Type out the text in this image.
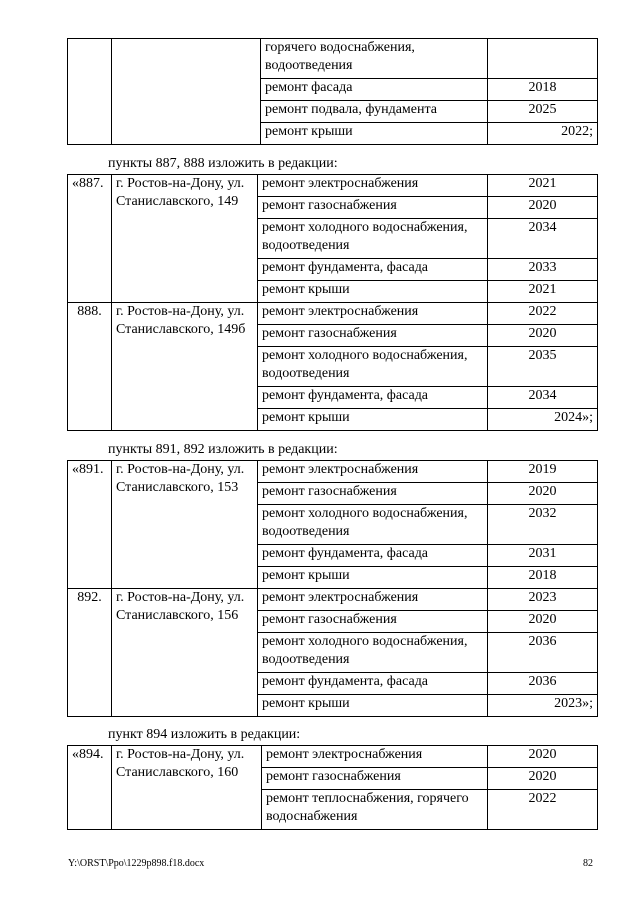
		горячего водоснабжения, водоотведения	
		ремонт фасада	2018
		ремонт подвала, фундамента	2025
		ремонт крыши	2022;
пункты 887, 888 изложить в редакции:
«887.	г. Ростов-на-Дону, ул. Станиславского, 149	ремонт электроснабжения	2021
		ремонт газоснабжения	2020
		ремонт холодного водоснабжения, водоотведения	2034
		ремонт фундамента, фасада	2033
		ремонт крыши	2021
888.	г. Ростов-на-Дону, ул. Станиславского, 149б	ремонт электроснабжения	2022
		ремонт газоснабжения	2020
		ремонт холодного водоснабжения, водоотведения	2035
		ремонт фундамента, фасада	2034
		ремонт крыши	2024»;
пункты 891, 892 изложить в редакции:
«891.	г. Ростов-на-Дону, ул. Станиславского, 153	ремонт электроснабжения	2019
		ремонт газоснабжения	2020
		ремонт холодного водоснабжения, водоотведения	2032
		ремонт фундамента, фасада	2031
		ремонт крыши	2018
892.	г. Ростов-на-Дону, ул. Станиславского, 156	ремонт электроснабжения	2023
		ремонт газоснабжения	2020
		ремонт холодного водоснабжения, водоотведения	2036
		ремонт фундамента, фасада	2036
		ремонт крыши	2023»;
пункт 894 изложить в редакции:
«894.	г. Ростов-на-Дону, ул. Станиславского, 160	ремонт электроснабжения	2020
		ремонт газоснабжения	2020
		ремонт теплоснабжения, горячего водоснабжения	2022
Y:\ORST\Ppo\1229p898.f18.docx	82
